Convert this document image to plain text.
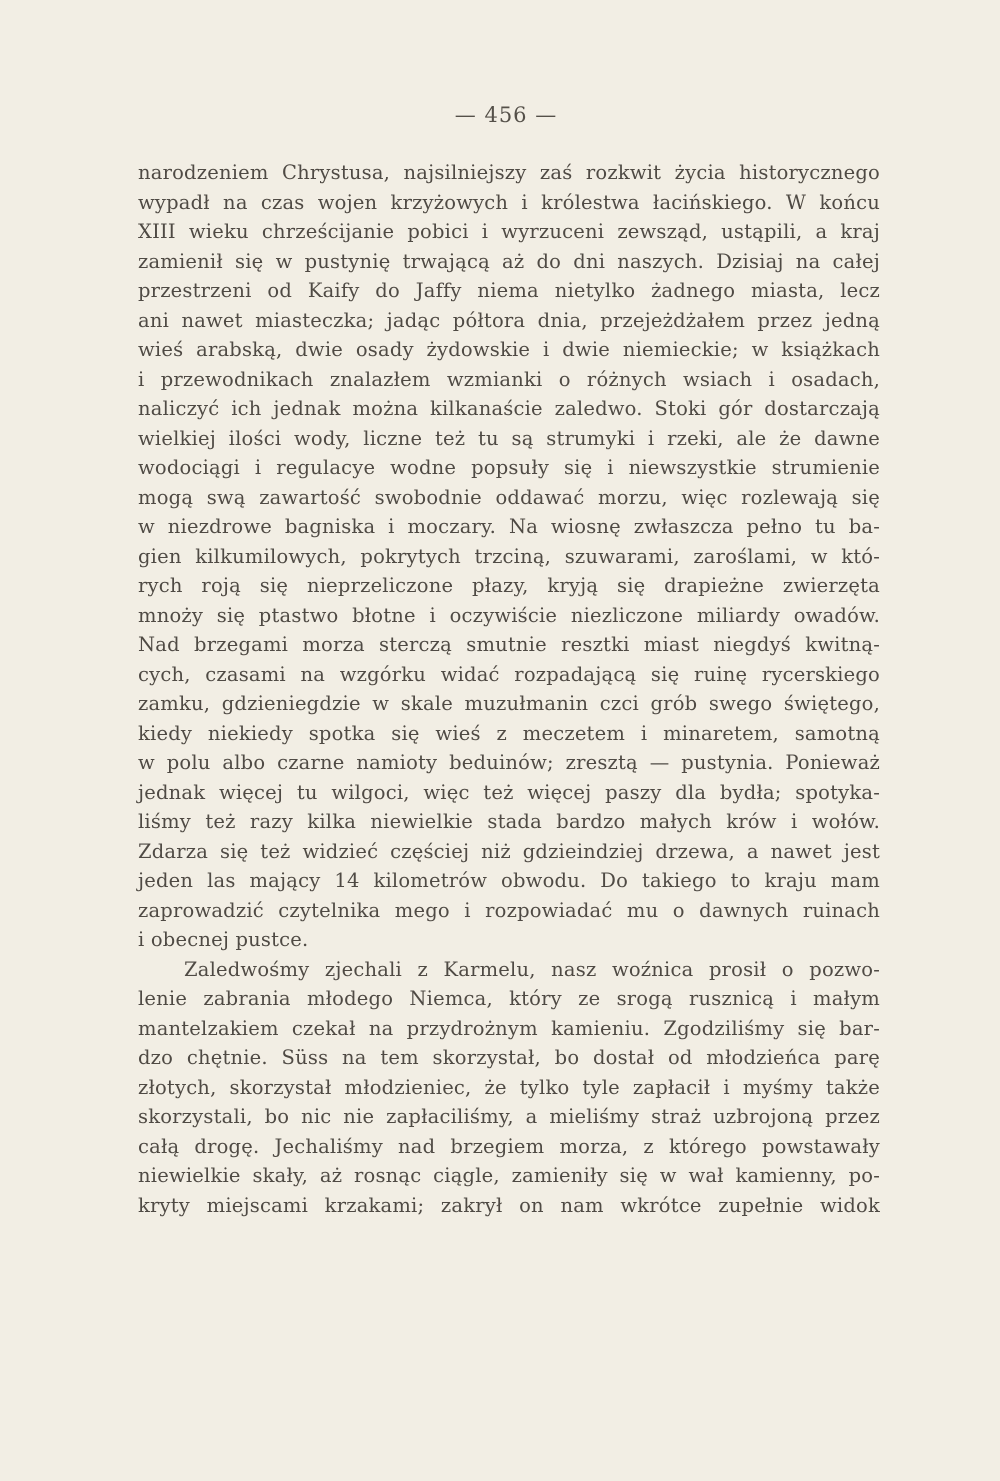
— 456 —
narodzeniem Chrystusa, najsilniejszy zaś rozkwit życia historycznego
wypadł na czas wojen krzyżowych i królestwa łacińskiego. W końcu
XIII wieku chrześcijanie pobici i wyrzuceni zewsząd, ustąpili, a kraj
zamienił się w pustynię trwającą aż do dni naszych. Dzisiaj na całej
przestrzeni od Kaify do Jaffy niema nietylko żadnego miasta, lecz
ani nawet miasteczka; jadąc półtora dnia, przejeżdżałem przez jedną
wieś arabską, dwie osady żydowskie i dwie niemieckie; w książkach
i przewodnikach znalazłem wzmianki o różnych wsiach i osadach,
naliczyć ich jednak można kilkanaście zaledwo. Stoki gór dostarczają
wielkiej ilości wody, liczne też tu są strumyki i rzeki, ale że dawne
wodociągi i regulacye wodne popsuły się i niewszystkie strumienie
mogą swą zawartość swobodnie oddawać morzu, więc rozlewają się
w niezdrowe bagniska i moczary. Na wiosnę zwłaszcza pełno tu ba-
gien kilkumilowych, pokrytych trzciną, szuwarami, zaroślami, w któ-
rych roją się nieprzeliczone płazy, kryją się drapieżne zwierzęta
mnoży się ptastwo błotne i oczywiście niezliczone miliardy owadów.
Nad brzegami morza sterczą smutnie resztki miast niegdyś kwitną-
cych, czasami na wzgórku widać rozpadającą się ruinę rycerskiego
zamku, gdzieniegdzie w skale muzułmanin czci grób swego świętego,
kiedy niekiedy spotka się wieś z meczetem i minaretem, samotną
w polu albo czarne namioty beduinów; zresztą — pustynia. Ponieważ
jednak więcej tu wilgoci, więc też więcej paszy dla bydła; spotyka-
liśmy też razy kilka niewielkie stada bardzo małych krów i wołów.
Zdarza się też widzieć częściej niż gdzieindziej drzewa, a nawet jest
jeden las mający 14 kilometrów obwodu. Do takiego to kraju mam
zaprowadzić czytelnika mego i rozpowiadać mu o dawnych ruinach
i obecnej pustce.
Zaledwośmy zjechali z Karmelu, nasz woźnica prosił o pozwo-
lenie zabrania młodego Niemca, który ze srogą rusznicą i małym
mantelzakiem czekał na przydrożnym kamieniu. Zgodziliśmy się bar-
dzo chętnie. Süss na tem skorzystał, bo dostał od młodzieńca parę
złotych, skorzystał młodzieniec, że tylko tyle zapłacił i myśmy także
skorzystali, bo nic nie zapłaciliśmy, a mieliśmy straż uzbrojoną przez
całą drogę. Jechaliśmy nad brzegiem morza, z którego powstawały
niewielkie skały, aż rosnąc ciągle, zamieniły się w wał kamienny, po-
kryty miejscami krzakami; zakrył on nam wkrótce zupełnie widok
